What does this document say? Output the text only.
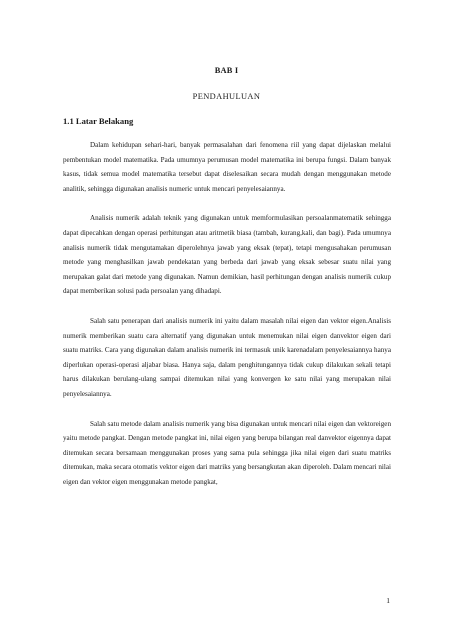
BAB I
PENDAHULUAN
1.1 Latar Belakang

Dalam kehidupan sehari-hari, banyak permasalahan dari fenomena riil yang dapat dijelaskan melalui pembentukan model matematika. Pada umumnya perumusan model matematika ini berupa fungsi. Dalam banyak kasus, tidak semua model matematika tersebut dapat diselesaikan secara mudah dengan menggunakan metode analitik, sehingga digunakan analisis numeric untuk mencari penyelesaiannya.

Analisis numerik adalah teknik yang digunakan untuk memformulasikan persoalanmatematik sehingga dapat dipecahkan dengan operasi perhitungan atau aritmetik biasa (tambah, kurang,kali, dan bagi). Pada umumnya analisis numerik tidak mengutamakan diperolehnya jawab yang eksak (tepat), tetapi mengusahakan perumusan metode yang menghasilkan jawab pendekatan yang berbeda dari jawab yang eksak sebesar suatu nilai yang merupakan galat dari metode yang digunakan. Namun demikian, hasil perhitungan dengan analisis numerik cukup dapat memberikan solusi pada persoalan yang dihadapi.

Salah satu penerapan dari analisis numerik ini yaitu dalam masalah nilai eigen dan vektor eigen.Analisis numerik memberikan suatu cara alternatif yang digunakan untuk menemukan nilai eigen danvektor eigen dari suatu matriks. Cara yang digunakan dalam analisis numerik ini termasuk unik karenadalam penyelesaiannya hanya diperlukan operasi-operasi aljabar biasa. Hanya saja, dalam penghitungannya tidak cukup dilakukan sekali tetapi harus dilakukan berulang-ulang sampai ditemukan nilai yang konvergen ke satu nilai yang merupakan nilai penyelesaiannya.

Salah satu metode dalam analisis numerik yang bisa digunakan untuk mencari nilai eigen dan vektoreigen yaitu metode pangkat. Dengan metode pangkat ini, nilai eigen yang berupa bilangan real danvektor eigennya dapat ditemukan secara bersamaan menggunakan proses yang sama pula sehingga jika nilai eigen dari suatu matriks ditemukan, maka secara otomatis vektor eigen dari matriks yang bersangkutan akan diperoleh. Dalam mencari nilai eigen dan vektor eigen menggunakan metode pangkat,

1
